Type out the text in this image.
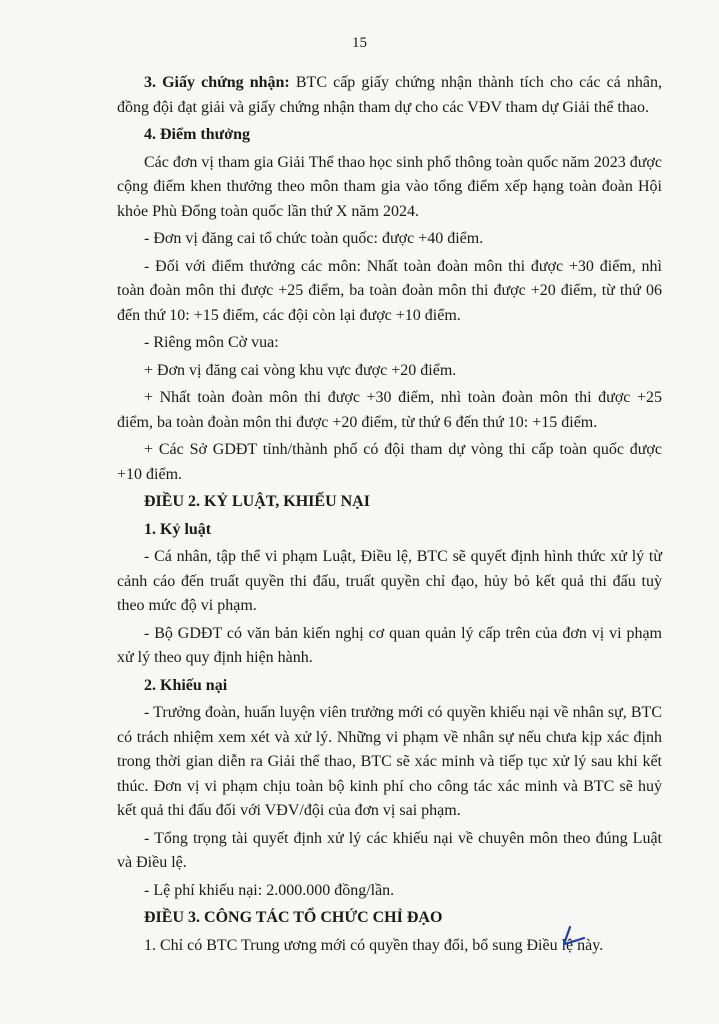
15

3. Giấy chứng nhận: BTC cấp giấy chứng nhận thành tích cho các cá nhân, đồng đội đạt giải và giấy chứng nhận tham dự cho các VĐV tham dự Giải thể thao.

4. Điểm thưởng

Các đơn vị tham gia Giải Thể thao học sinh phổ thông toàn quốc năm 2023 được cộng điểm khen thưởng theo môn tham gia vào tổng điểm xếp hạng toàn đoàn Hội khỏe Phù Đổng toàn quốc lần thứ X năm 2024.

- Đơn vị đăng cai tổ chức toàn quốc: được +40 điểm.

- Đối với điểm thưởng các môn: Nhất toàn đoàn môn thi được +30 điểm, nhì toàn đoàn môn thi được +25 điểm, ba toàn đoàn môn thi được +20 điểm, từ thứ 06 đến thứ 10: +15 điểm, các đội còn lại được +10 điểm.

- Riêng môn Cờ vua:

+ Đơn vị đăng cai vòng khu vực được +20 điểm.

+ Nhất toàn đoàn môn thi được +30 điểm, nhì toàn đoàn môn thi được +25 điểm, ba toàn đoàn môn thi được +20 điểm, từ thứ 6 đến thứ 10: +15 điểm.

+ Các Sở GDĐT tỉnh/thành phố có đội tham dự vòng thi cấp toàn quốc được +10 điểm.

ĐIỀU 2. KỶ LUẬT, KHIẾU NẠI

1. Kỷ luật

- Cá nhân, tập thể vi phạm Luật, Điều lệ, BTC sẽ quyết định hình thức xử lý từ cảnh cáo đến truất quyền thi đấu, truất quyền chỉ đạo, hủy bỏ kết quả thi đấu tuỳ theo mức độ vi phạm.

- Bộ GDĐT có văn bản kiến nghị cơ quan quản lý cấp trên của đơn vị vi phạm xử lý theo quy định hiện hành.

2. Khiếu nại

- Trưởng đoàn, huấn luyện viên trưởng mới có quyền khiếu nại về nhân sự, BTC có trách nhiệm xem xét và xử lý. Những vi phạm về nhân sự nếu chưa kịp xác định trong thời gian diễn ra Giải thể thao, BTC sẽ xác minh và tiếp tục xử lý sau khi kết thúc. Đơn vị vi phạm chịu toàn bộ kinh phí cho công tác xác minh và BTC sẽ huỷ kết quả thi đấu đối với VĐV/đội của đơn vị sai phạm.

- Tổng trọng tài quyết định xử lý các khiếu nại về chuyên môn theo đúng Luật và Điều lệ.

- Lệ phí khiếu nại: 2.000.000 đồng/lần.

ĐIỀU 3. CÔNG TÁC TỔ CHỨC CHỈ ĐẠO

1. Chỉ có BTC Trung ương mới có quyền thay đổi, bổ sung Điều lệ này.
